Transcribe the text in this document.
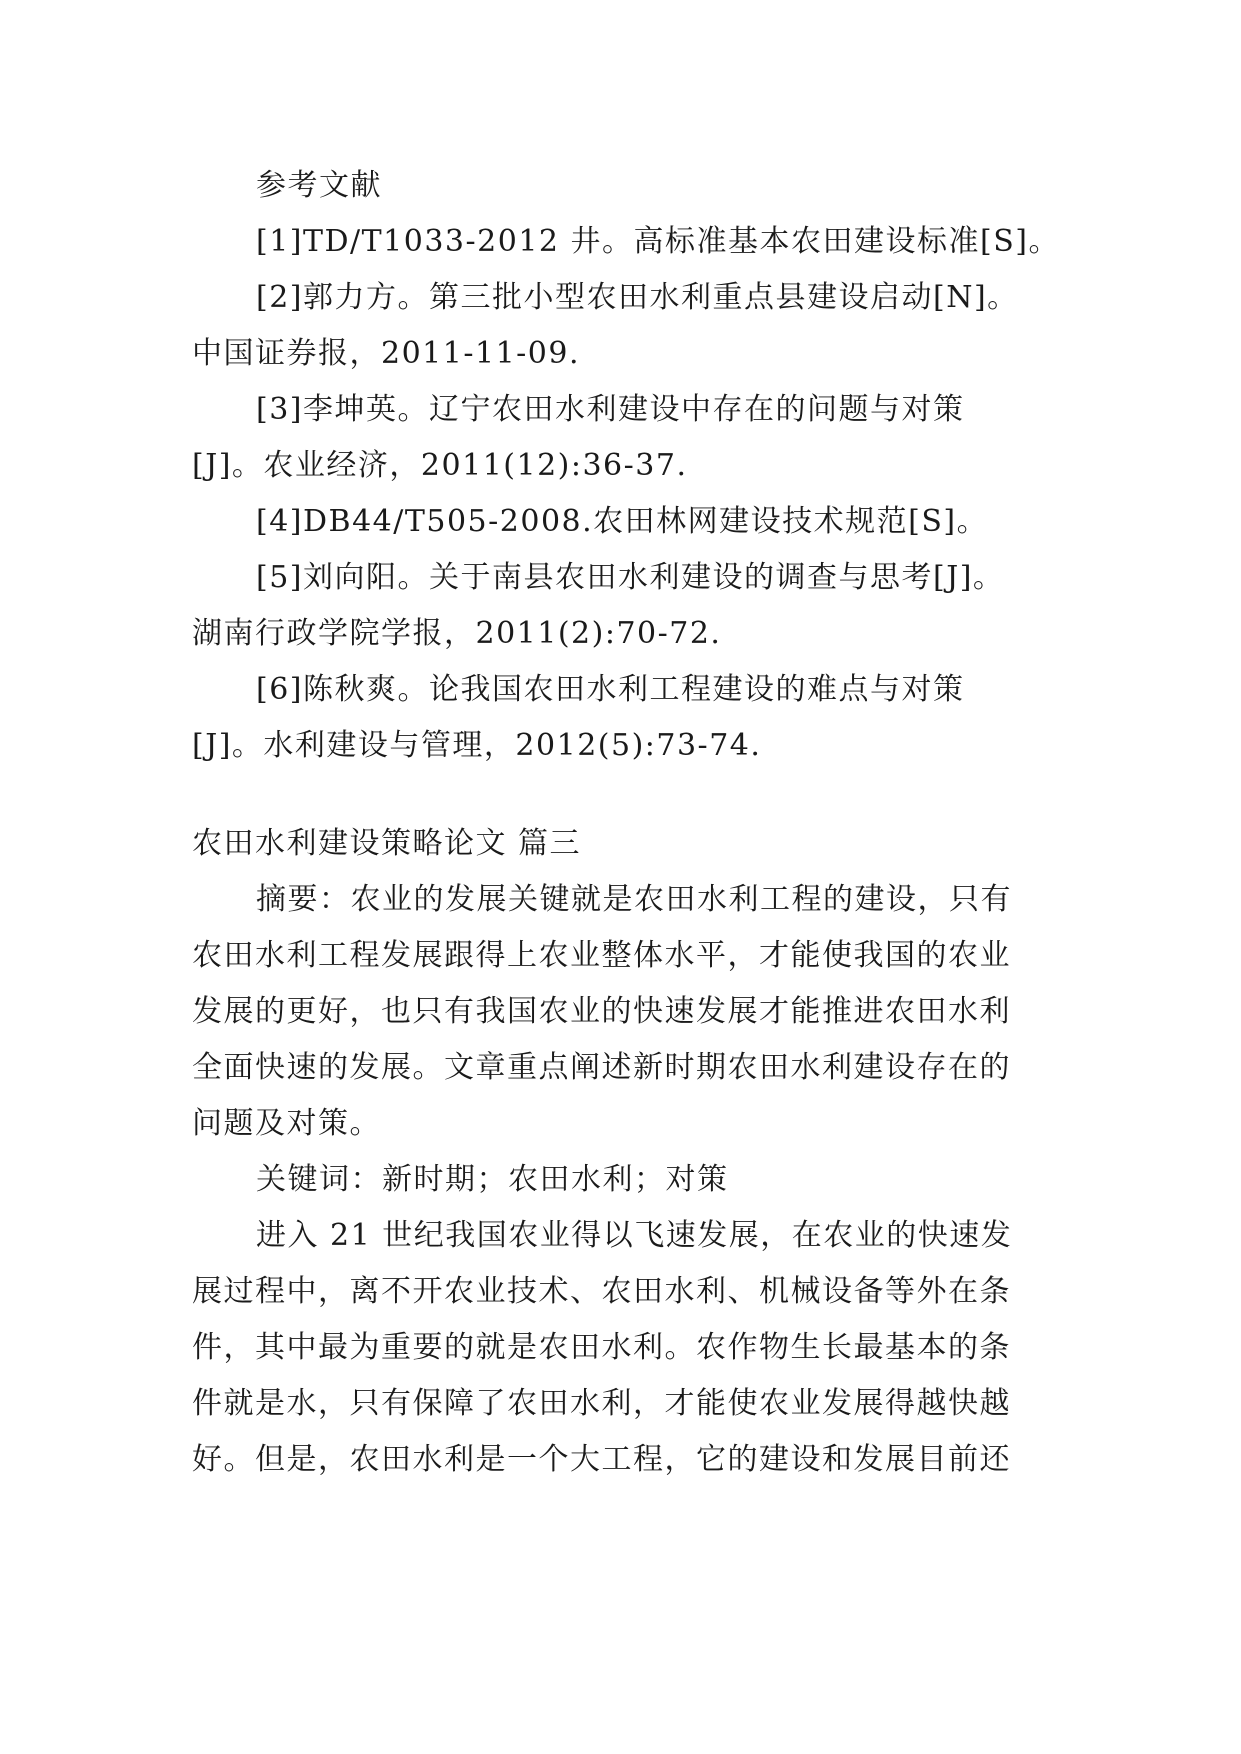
参考文献
[1]TD/T1033-2012 井。高标准基本农田建设标准[S]。
[2]郭力方。第三批小型农田水利重点县建设启动[N]。
中国证券报，2011-11-09.
[3]李坤英。辽宁农田水利建设中存在的问题与对策
[J]。农业经济，2011(12):36-37.
[4]DB44/T505-2008.农田林网建设技术规范[S]。
[5]刘向阳。关于南县农田水利建设的调查与思考[J]。
湖南行政学院学报，2011(2):70-72.
[6]陈秋爽。论我国农田水利工程建设的难点与对策
[J]。水利建设与管理，2012(5):73-74.
农田水利建设策略论文 篇三
摘要：农业的发展关键就是农田水利工程的建设，只有
农田水利工程发展跟得上农业整体水平，才能使我国的农业
发展的更好，也只有我国农业的快速发展才能推进农田水利
全面快速的发展。文章重点阐述新时期农田水利建设存在的
问题及对策。
关键词：新时期；农田水利；对策
进入 21 世纪我国农业得以飞速发展，在农业的快速发
展过程中，离不开农业技术、农田水利、机械设备等外在条
件，其中最为重要的就是农田水利。农作物生长最基本的条
件就是水，只有保障了农田水利，才能使农业发展得越快越
好。但是，农田水利是一个大工程，它的建设和发展目前还
